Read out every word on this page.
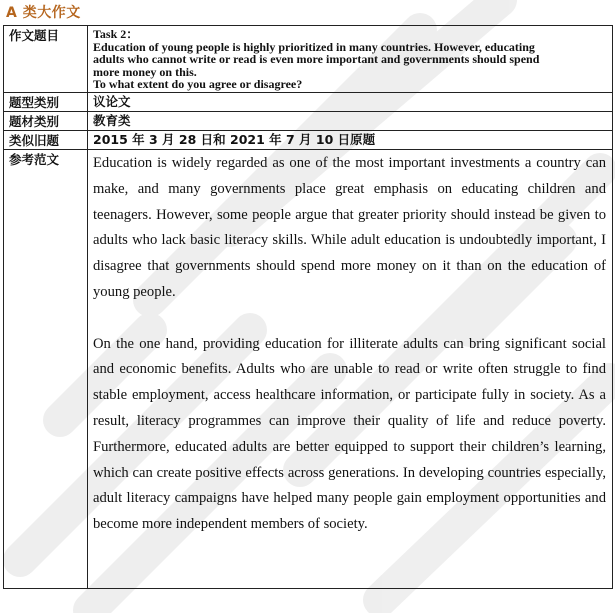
A 类大作文
作文题目	Task 2：
Education of young people is highly prioritized in many countries. However, educating
adults who cannot write or read is even more important and governments should spend
more money on this.
To what extent do you agree or disagree?

题型类别	议论文
题材类别	教育类
类似旧题	2015 年 3 月 28 日和 2021 年 7 月 10 日原题
参考范文	Education is widely regarded as one of the most important investments a country can make, and many governments place great emphasis on educating children and teenagers. However, some people argue that greater priority should instead be given to adults who lack basic literacy skills. While adult education is undoubtedly important, I disagree that governments should spend more money on it than on the education of young people.

On the one hand, providing education for illiterate adults can bring significant social and economic benefits. Adults who are unable to read or write often struggle to find stable employment, access healthcare information, or participate fully in society. As a result, literacy programmes can improve their quality of life and reduce poverty. Furthermore, educated adults are better equipped to support their children’s learning, which can create positive effects across generations. In developing countries especially, adult literacy campaigns have helped many people gain employment opportunities and become more independent members of society.
